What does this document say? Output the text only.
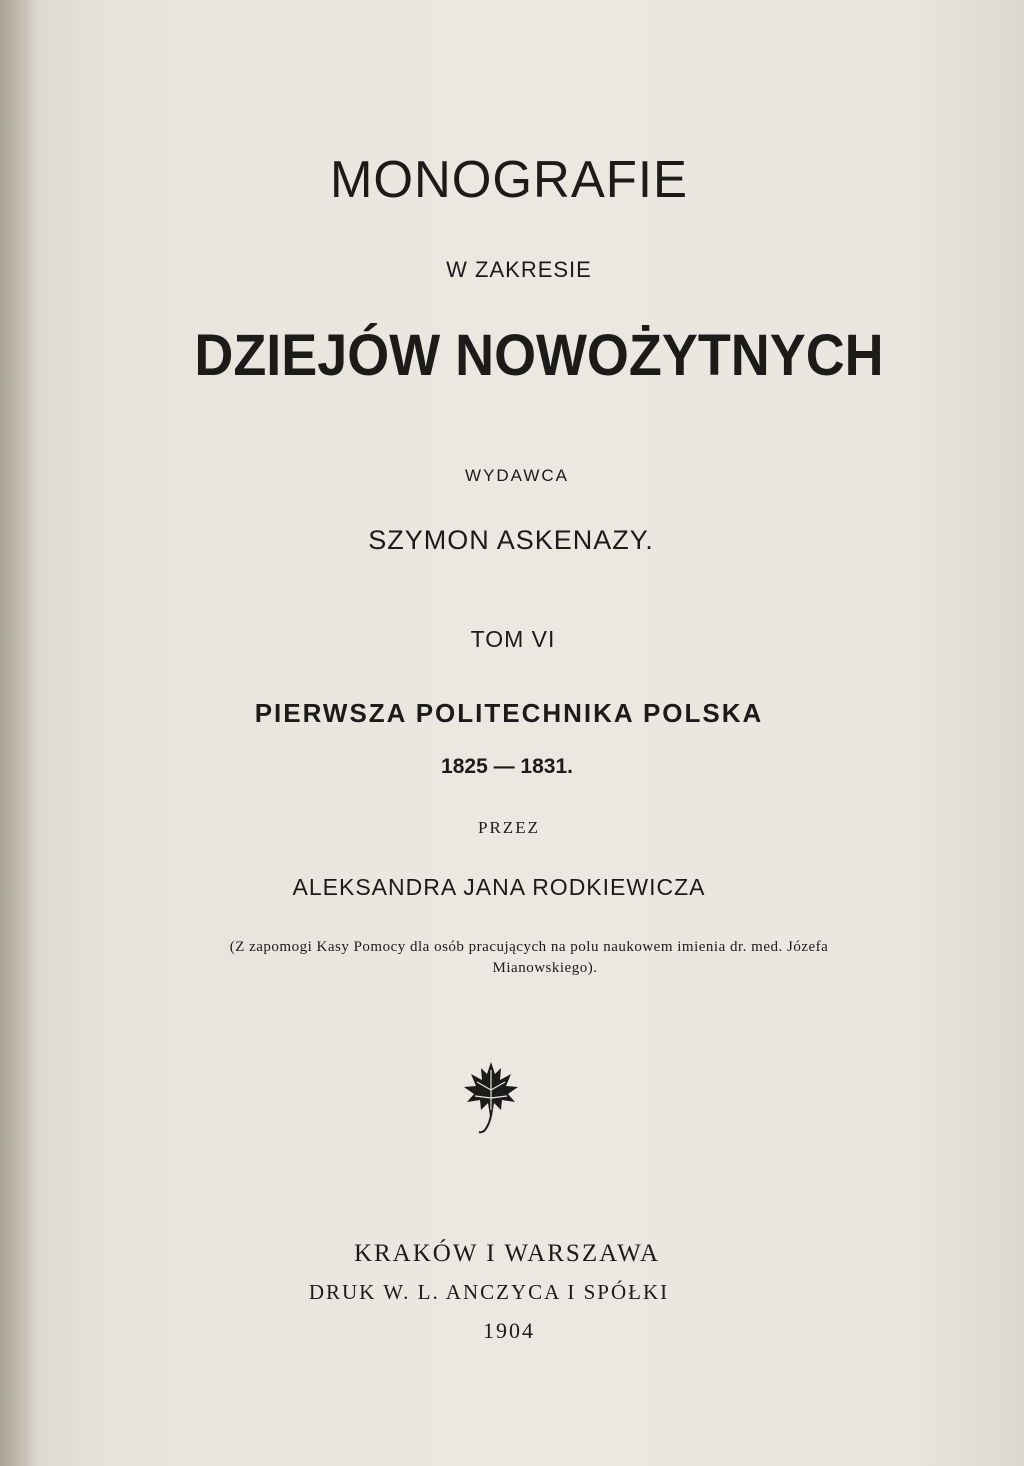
MONOGRAFIE
W ZAKRESIE
DZIEJÓW NOWOŻYTNYCH
WYDAWCA
SZYMON ASKENAZY.
TOM VI
PIERWSZA POLITECHNIKA POLSKA
1825 — 1831.
PRZEZ
ALEKSANDRA JANA RODKIEWICZA
(Z zapomogi Kasy Pomocy dla osób pracujących na polu naukowem imienia dr. med. Józefa
Mianowskiego).
KRAKÓW I WARSZAWA
DRUK W. L. ANCZYCA I SPÓŁKI
1904
